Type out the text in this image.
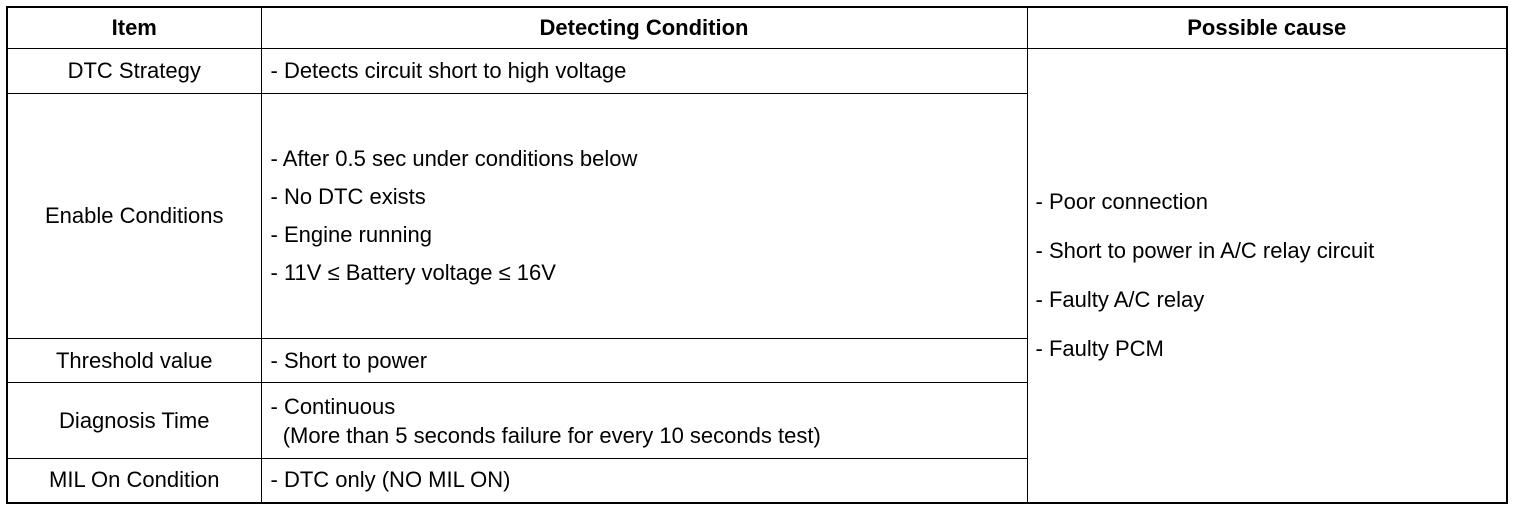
Item	Detecting Condition	Possible cause
DTC Strategy	- Detects circuit short to high voltage	- Poor connection
- Short to power in A/C relay circuit
- Faulty A/C relay
- Faulty PCM

Enable Conditions	- After 0.5 sec under conditions below
- No DTC exists
- Engine running
- 11V ≤ Battery voltage ≤ 16V	

Threshold value	- Short to power	

Diagnosis Time	- Continuous
(More than 5 seconds failure for every 10 seconds test)	

MIL On Condition	- DTC only (NO MIL ON)	
